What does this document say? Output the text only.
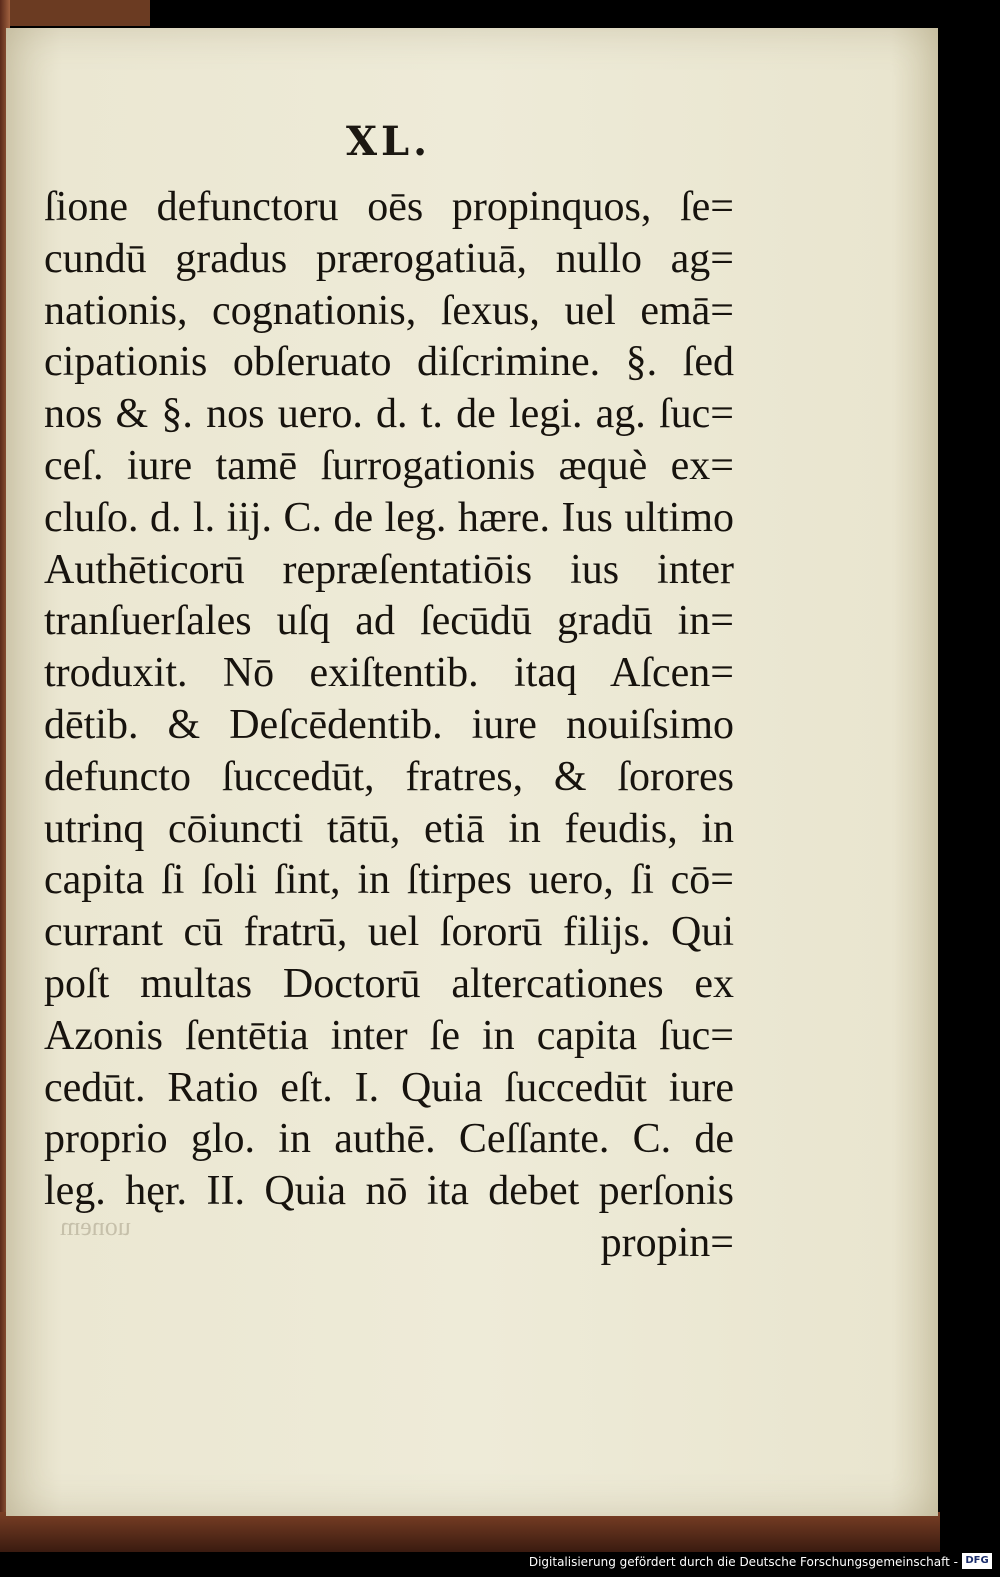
XL.
ſione defunctoru oēs propinquos, ſe=
cundū gradus prærogatiuā, nullo ag=
nationis, cognationis, ſexus, uel emā=
cipationis obſeruato diſcrimine. §. ſed
nos & §. nos uero. d. t. de legi. ag. ſuc=
ceſ. iure tamē ſurrogationis æquè ex=
cluſo. d. l. iij. C. de leg. hære. Ius ultimo
Authēticorū repræſentatiōis ius inter
tranſuerſales uſq ad ſecūdū gradū in=
troduxit. Nō exiſtentib. itaq Aſcen=
dētib. & Deſcēdentib. iure nouiſsimo
defuncto ſuccedūt, fratres, & ſorores
utrinq cōiuncti tātū, etiā in feudis, in
capita ſi ſoli ſint, in ſtirpes uero, ſi cō=
currant cū fratrū, uel ſororū filijs. Qui
poſt multas Doctorū altercationes ex
Azonis ſentētia inter ſe in capita ſuc=
cedūt. Ratio eſt. I. Quia ſuccedūt iure
proprio glo. in authē. Ceſſante. C. de
leg. hęr. II. Quia nō ita debet perſonis
propin=
uonem
Digitalisierung gefördert durch die Deutsche Forschungsgemeinschaft - DFG
